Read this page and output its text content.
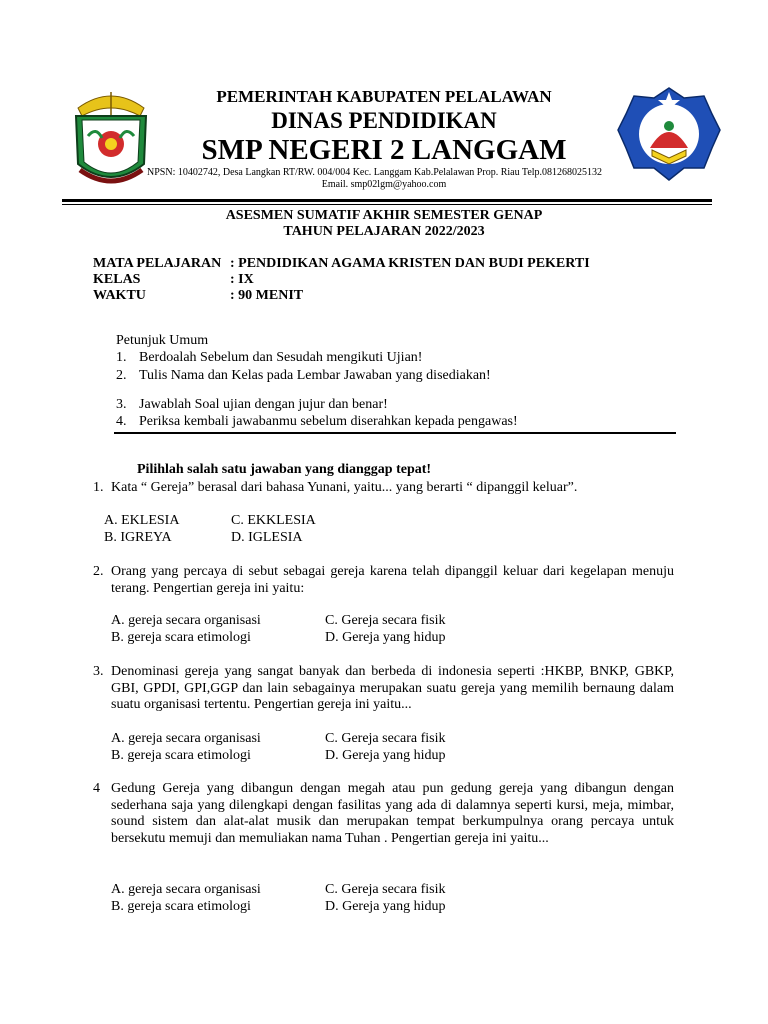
PEMERINTAH KABUPATEN PELALAWAN
DINAS PENDIDIKAN
SMP NEGERI 2 LANGGAM
NPSN: 10402742, Desa Langkan RT/RW. 004/004 Kec. Langgam Kab.Pelalawan Prop. Riau Telp.081268025132
Email. smp02lgm@yahoo.com
ASESMEN SUMATIF AKHIR SEMESTER GENAP
TAHUN PELAJARAN 2022/2023
MATA PELAJARAN : PENDIDIKAN AGAMA KRISTEN DAN BUDI PEKERTI
KELAS	: IX
WAKTU	: 90 MENIT
Petunjuk Umum
1. Berdoalah Sebelum dan Sesudah mengikuti Ujian!
2. Tulis Nama dan Kelas pada Lembar Jawaban yang disediakan!
3. Jawablah Soal ujian dengan jujur dan benar!
4. Periksa kembali jawabanmu sebelum diserahkan kepada pengawas!
Pilihlah salah satu jawaban yang dianggap tepat!
1. Kata “ Gereja” berasal dari bahasa Yunani, yaitu... yang berarti “ dipanggil keluar”.
A. EKLESIA	C. EKKLESIA
B. IGREYA	D. IGLESIA
2. Orang yang percaya di sebut sebagai gereja karena telah dipanggil keluar dari kegelapan menuju terang. Pengertian gereja ini yaitu:
A. gereja secara organisasi	C. Gereja secara fisik
B. gereja scara etimologi	D. Gereja yang hidup
3. Denominasi gereja yang sangat banyak dan berbeda di indonesia seperti :HKBP, BNKP, GBKP, GBI, GPDI, GPI,GGP dan lain sebagainya merupakan suatu gereja yang memilih bernaung dalam suatu organisasi tertentu. Pengertian gereja ini yaitu...
A. gereja secara organisasi	C. Gereja secara fisik
B. gereja scara etimologi	D. Gereja yang hidup
4 Gedung Gereja yang dibangun dengan megah atau pun gedung gereja yang dibangun dengan sederhana saja yang dilengkapi dengan fasilitas yang ada di dalamnya seperti kursi, meja, mimbar, sound sistem dan alat-alat musik dan merupakan tempat berkumpulnya orang percaya untuk bersekutu memuji dan memuliakan nama Tuhan . Pengertian gereja ini yaitu...
A. gereja secara organisasi	C. Gereja secara fisik
B. gereja scara etimologi	D. Gereja yang hidup
